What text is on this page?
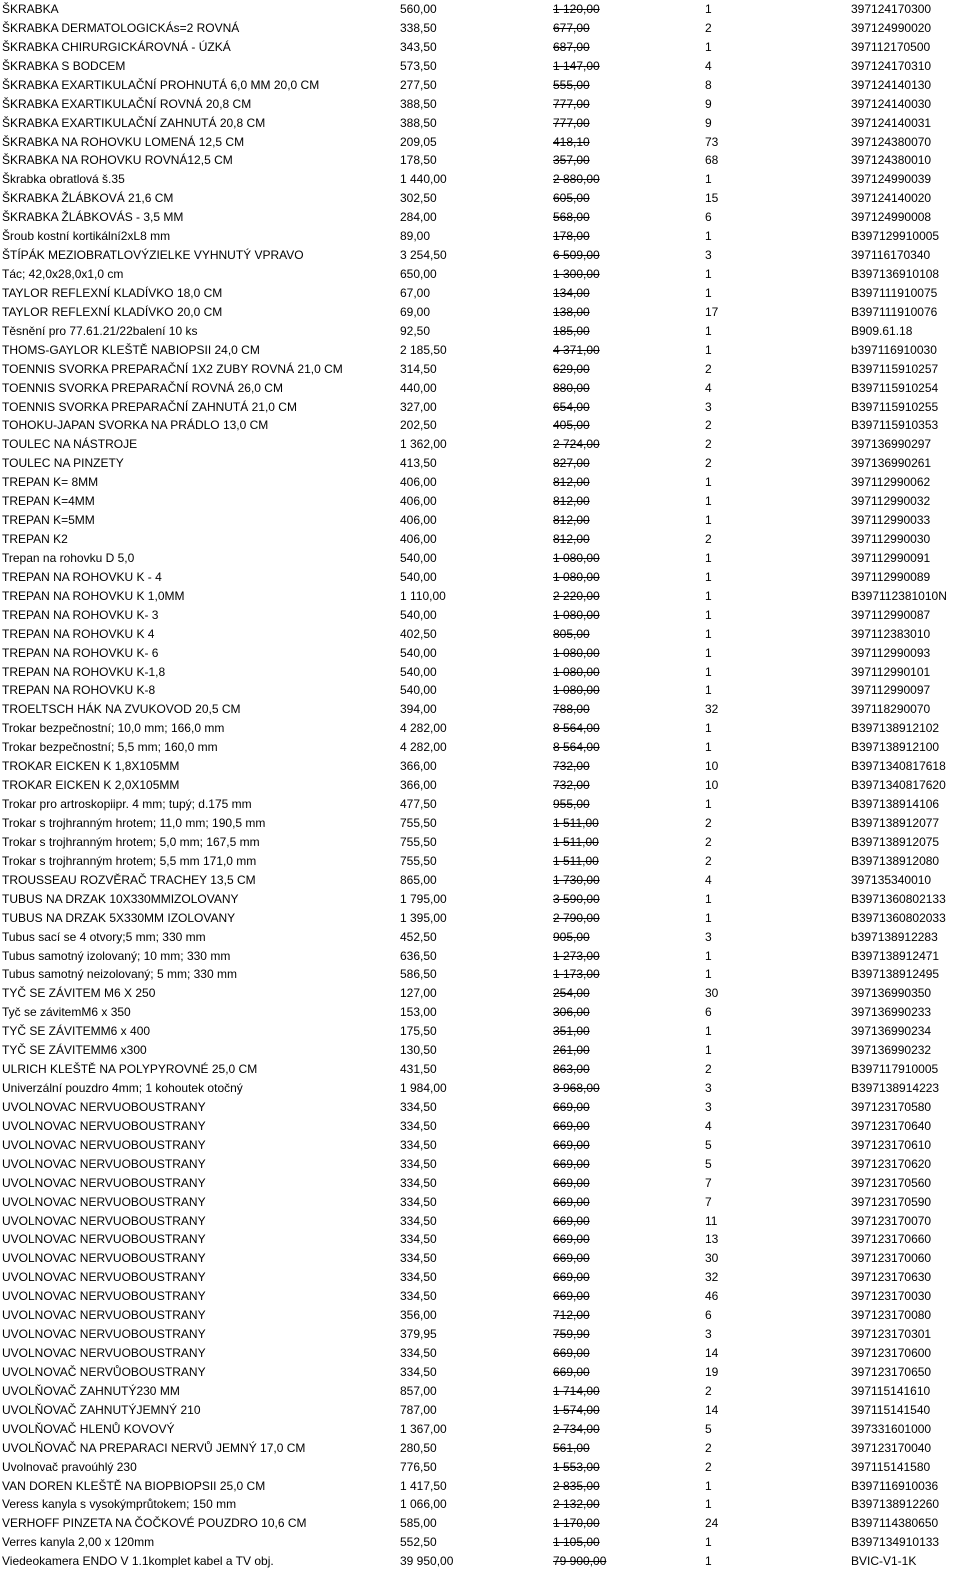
ŠKRABKA	560,00	1 120,00	1	397124170300
ŠKRABKA DERMATOLOGICKÁs=2 ROVNÁ	338,50	677,00	2	397124990020
ŠKRABKA CHIRURGICKÁROVNÁ - ÚZKÁ	343,50	687,00	1	397112170500
ŠKRABKA S BODCEM	573,50	1 147,00	4	397124170310
ŠKRABKA EXARTIKULAČNÍ PROHNUTÁ 6,0 MM 20,0 CM	277,50	555,00	8	397124140130
ŠKRABKA EXARTIKULAČNÍ ROVNÁ 20,8 CM	388,50	777,00	9	397124140030
ŠKRABKA EXARTIKULAČNÍ ZAHNUTÁ 20,8 CM	388,50	777,00	9	397124140031
ŠKRABKA NA ROHOVKU LOMENÁ 12,5 CM	209,05	418,10	73	397124380070
ŠKRABKA NA ROHOVKU ROVNÁ12,5 CM	178,50	357,00	68	397124380010
Škrabka obratlová š.35	1 440,00	2 880,00	1	397124990039
ŠKRABKA ŽLÁBKOVÁ 21,6 CM	302,50	605,00	15	397124140020
ŠKRABKA ŽLÁBKOVÁS - 3,5 MM	284,00	568,00	6	397124990008
Šroub kostní kortikální2xL8 mm	89,00	178,00	1	B397129910005
ŠTÍPÁK MEZIOBRATLOVÝZIELKE VYHNUTÝ VPRAVO	3 254,50	6 509,00	3	397116170340
Tác; 42,0x28,0x1,0 cm	650,00	1 300,00	1	B397136910108
TAYLOR REFLEXNÍ KLADÍVKO 18,0 CM	67,00	134,00	1	B397111910075
TAYLOR REFLEXNÍ KLADÍVKO 20,0 CM	69,00	138,00	17	B397111910076
Těsnění pro 77.61.21/22balení 10 ks	92,50	185,00	1	B909.61.18
THOMS-GAYLOR KLEŠTĚ NABIOPSII 24,0 CM	2 185,50	4 371,00	1	b397116910030
TOENNIS SVORKA PREPARAČNÍ 1X2 ZUBY ROVNÁ 21,0 CM	314,50	629,00	2	B397115910257
TOENNIS SVORKA PREPARAČNÍ ROVNÁ 26,0 CM	440,00	880,00	4	B397115910254
TOENNIS SVORKA PREPARAČNÍ ZAHNUTÁ 21,0 CM	327,00	654,00	3	B397115910255
TOHOKU-JAPAN SVORKA NA PRÁDLO 13,0 CM	202,50	405,00	2	B397115910353
TOULEC NA NÁSTROJE	1 362,00	2 724,00	2	397136990297
TOULEC NA PINZETY	413,50	827,00	2	397136990261
TREPAN K= 8MM	406,00	812,00	1	397112990062
TREPAN K=4MM	406,00	812,00	1	397112990032
TREPAN K=5MM	406,00	812,00	1	397112990033
TREPAN K2	406,00	812,00	2	397112990030
Trepan na rohovku D 5,0	540,00	1 080,00	1	397112990091
TREPAN NA ROHOVKU K - 4	540,00	1 080,00	1	397112990089
TREPAN NA ROHOVKU K 1,0MM	1 110,00	2 220,00	1	B397112381010N
TREPAN NA ROHOVKU K- 3	540,00	1 080,00	1	397112990087
TREPAN NA ROHOVKU K 4	402,50	805,00	1	397112383010
TREPAN NA ROHOVKU K- 6	540,00	1 080,00	1	397112990093
TREPAN NA ROHOVKU K-1,8	540,00	1 080,00	1	397112990101
TREPAN NA ROHOVKU K-8	540,00	1 080,00	1	397112990097
TROELTSCH HÁK NA ZVUKOVOD 20,5 CM	394,00	788,00	32	397118290070
Trokar bezpečnostní; 10,0 mm; 166,0 mm	4 282,00	8 564,00	1	B397138912102
Trokar bezpečnostní; 5,5 mm; 160,0 mm	4 282,00	8 564,00	1	B397138912100
TROKAR EICKEN K 1,8X105MM	366,00	732,00	10	B397134081761​8
TROKAR EICKEN K 2,0X105MM	366,00	732,00	10	B397134081762​0
Trokar pro artroskopiipr. 4 mm; tupý; d.175 mm	477,50	955,00	1	B397138914106
Trokar s trojhranným hrotem; 11,0 mm; 190,5 mm	755,50	1 511,00	2	B397138912077
Trokar s trojhranným hrotem; 5,0 mm; 167,5 mm	755,50	1 511,00	2	B397138912075
Trokar s trojhranným hrotem; 5,5 mm 171,0 mm	755,50	1 511,00	2	B397138912080
TROUSSEAU ROZVĚRAČ TRACHEY 13,5 CM	865,00	1 730,00	4	397135340010
TUBUS NA DRZAK 10X330MMIZOLOVANY	1 795,00	3 590,00	1	B397136080213​3
TUBUS NA DRZAK 5X330MM IZOLOVANY	1 395,00	2 790,00	1	B397136080203​3
Tubus sací se 4 otvory;5 mm; 330 mm	452,50	905,00	3	b397138912283
Tubus samotný izolovaný; 10 mm; 330 mm	636,50	1 273,00	1	B397138912471
Tubus samotný neizolovaný; 5 mm; 330 mm	586,50	1 173,00	1	B397138912495
TYČ SE ZÁVITEM M6 X 250	127,00	254,00	30	397136990350
Tyč se závitemM6 x 350	153,00	306,00	6	397136990233
TYČ SE ZÁVITEMM6 x 400	175,50	351,00	1	397136990234
TYČ SE ZÁVITEMM6 x300	130,50	261,00	1	397136990232
ULRICH KLEŠTĚ NA POLYPYROVNÉ 25,0 CM	431,50	863,00	2	B397117910005
Univerzální pouzdro 4mm; 1 kohoutek otočný	1 984,00	3 968,00	3	B397138914223
UVOLNOVAC NERVUOBOUSTRANY	334,50	669,00	3	397123170580
UVOLNOVAC NERVUOBOUSTRANY	334,50	669,00	4	397123170640
UVOLNOVAC NERVUOBOUSTRANY	334,50	669,00	5	397123170610
UVOLNOVAC NERVUOBOUSTRANY	334,50	669,00	5	397123170620
UVOLNOVAC NERVUOBOUSTRANY	334,50	669,00	7	397123170560
UVOLNOVAC NERVUOBOUSTRANY	334,50	669,00	7	397123170590
UVOLNOVAC NERVUOBOUSTRANY	334,50	669,00	11	397123170070
UVOLNOVAC NERVUOBOUSTRANY	334,50	669,00	13	397123170660
UVOLNOVAC NERVUOBOUSTRANY	334,50	669,00	30	397123170060
UVOLNOVAC NERVUOBOUSTRANY	334,50	669,00	32	397123170630
UVOLNOVAC NERVUOBOUSTRANY	334,50	669,00	46	397123170030
UVOLNOVAC NERVUOBOUSTRANY	356,00	712,00	6	397123170080
UVOLNOVAC NERVUOBOUSTRANY	379,95	759,90	3	397123170301
UVOLNOVAC NERVUOBOUSTRANY	334,50	669,00	14	397123170600
UVOLNOVAČ NERVŮOBOUSTRANY	334,50	669,00	19	397123170650
UVOLŇOVAČ ZAHNUTÝ230 MM	857,00	1 714,00	2	397115141610
UVOLŇOVAČ ZAHNUTÝJEMNÝ 210	787,00	1 574,00	14	397115141540
UVOLŇOVAČ HLENŮ KOVOVÝ	1 367,00	2 734,00	5	397331601000
UVOLŇOVAČ NA PREPARACI NERVŮ JEMNÝ 17,0 CM	280,50	561,00	2	397123170040
Uvolnovač pravoúhlý 230	776,50	1 553,00	2	397115141580
VAN DOREN KLEŠTĚ NA BIOPBIOPSII 25,0 CM	1 417,50	2 835,00	1	B397116910036
Veress kanyla s vysokýmprůtokem; 150 mm	1 066,00	2 132,00	1	B397138912260
VERHOFF PINZETA NA ČOČKOVÉ POUZDRO 10,6 CM	585,00	1 170,00	24	B397114380650
Verres kanyla 2,00 x 120mm	552,50	1 105,00	1	B397134910133
Viedeokamera ENDO V 1.1komplet kabel a TV obj.	39 950,00	79 900,00	1	BVIC-V1-1K
